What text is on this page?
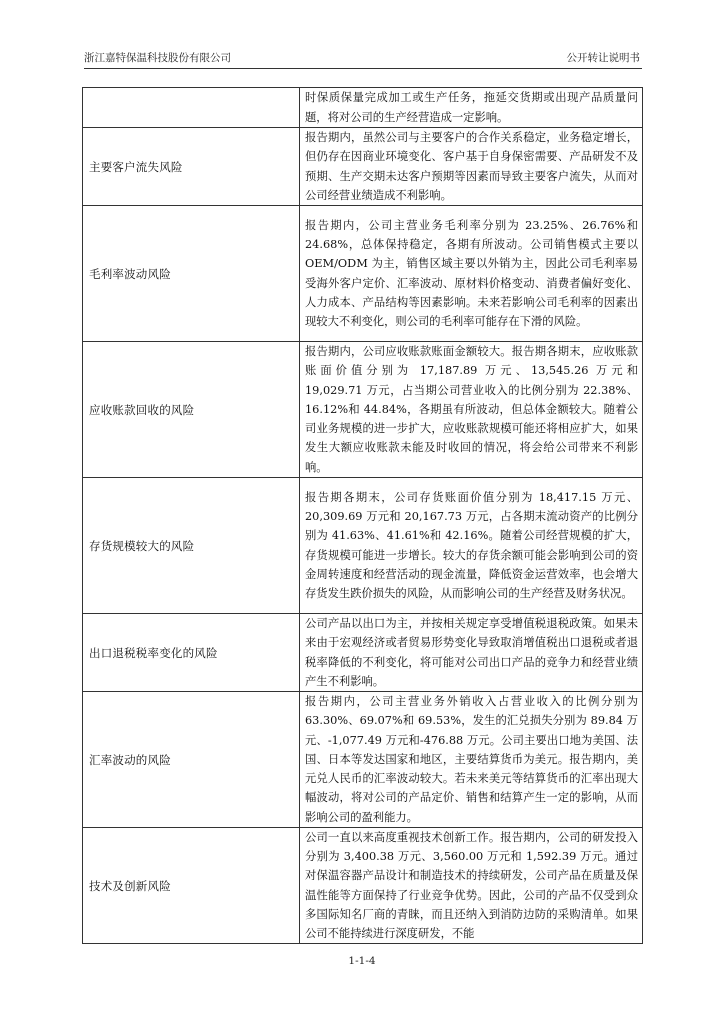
浙江嘉特保温科技股份有限公司	公开转让说明书

	时保质保量完成加工或生产任务，拖延交货期或出现产品质量问题，将对公司的生产经营造成一定影响。

主要客户流失风险	报告期内，虽然公司与主要客户的合作关系稳定，业务稳定增长，但仍存在因商业环境变化、客户基于自身保密需要、产品研发不及预期、生产交期未达客户预期等因素而导致主要客户流失，从而对公司经营业绩造成不利影响。

毛利率波动风险	报告期内，公司主营业务毛利率分别为 23.25%、26.76%和 24.68%，总体保持稳定，各期有所波动。公司销售模式主要以 OEM/ODM 为主，销售区域主要以外销为主，因此公司毛利率易受海外客户定价、汇率波动、原材料价格变动、消费者偏好变化、人力成本、产品结构等因素影响。未来若影响公司毛利率的因素出现较大不利变化，则公司的毛利率可能存在下滑的风险。

应收账款回收的风险	报告期内，公司应收账款账面金额较大。报告期各期末，应收账款账面价值分别为 17,187.89 万元、13,545.26 万元和 19,029.71 万元，占当期公司营业收入的比例分别为 22.38%、16.12%和 44.84%，各期虽有所波动，但总体金额较大。随着公司业务规模的进一步扩大，应收账款规模可能还将相应扩大，如果发生大额应收账款未能及时收回的情况，将会给公司带来不利影响。

存货规模较大的风险	报告期各期末，公司存货账面价值分别为 18,417.15 万元、20,309.69 万元和 20,167.73 万元，占各期末流动资产的比例分别为 41.63%、41.61%和 42.16%。随着公司经营规模的扩大，存货规模可能进一步增长。较大的存货余额可能会影响到公司的资金周转速度和经营活动的现金流量，降低资金运营效率，也会增大存货发生跌价损失的风险，从而影响公司的生产经营及财务状况。

出口退税税率变化的风险	公司产品以出口为主，并按相关规定享受增值税退税政策。如果未来由于宏观经济或者贸易形势变化导致取消增值税出口退税或者退税率降低的不利变化，将可能对公司出口产品的竞争力和经营业绩产生不利影响。

汇率波动的风险	报告期内，公司主营业务外销收入占营业收入的比例分别为 63.30%、69.07%和 69.53%，发生的汇兑损失分别为 89.84 万元、-1,077.49 万元和-476.88 万元。公司主要出口地为美国、法国、日本等发达国家和地区，主要结算货币为美元。报告期内，美元兑人民币的汇率波动较大。若未来美元等结算货币的汇率出现大幅波动，将对公司的产品定价、销售和结算产生一定的影响，从而影响公司的盈利能力。

技术及创新风险	公司一直以来高度重视技术创新工作。报告期内，公司的研发投入分别为 3,400.38 万元、3,560.00 万元和 1,592.39 万元。通过对保温容器产品设计和制造技术的持续研发，公司产品在质量及保温性能等方面保持了行业竞争优势。因此，公司的产品不仅受到众多国际知名厂商的青睐，而且还纳入到消防边防的采购清单。如果公司不能持续进行深度研发，不能

1-1-4
